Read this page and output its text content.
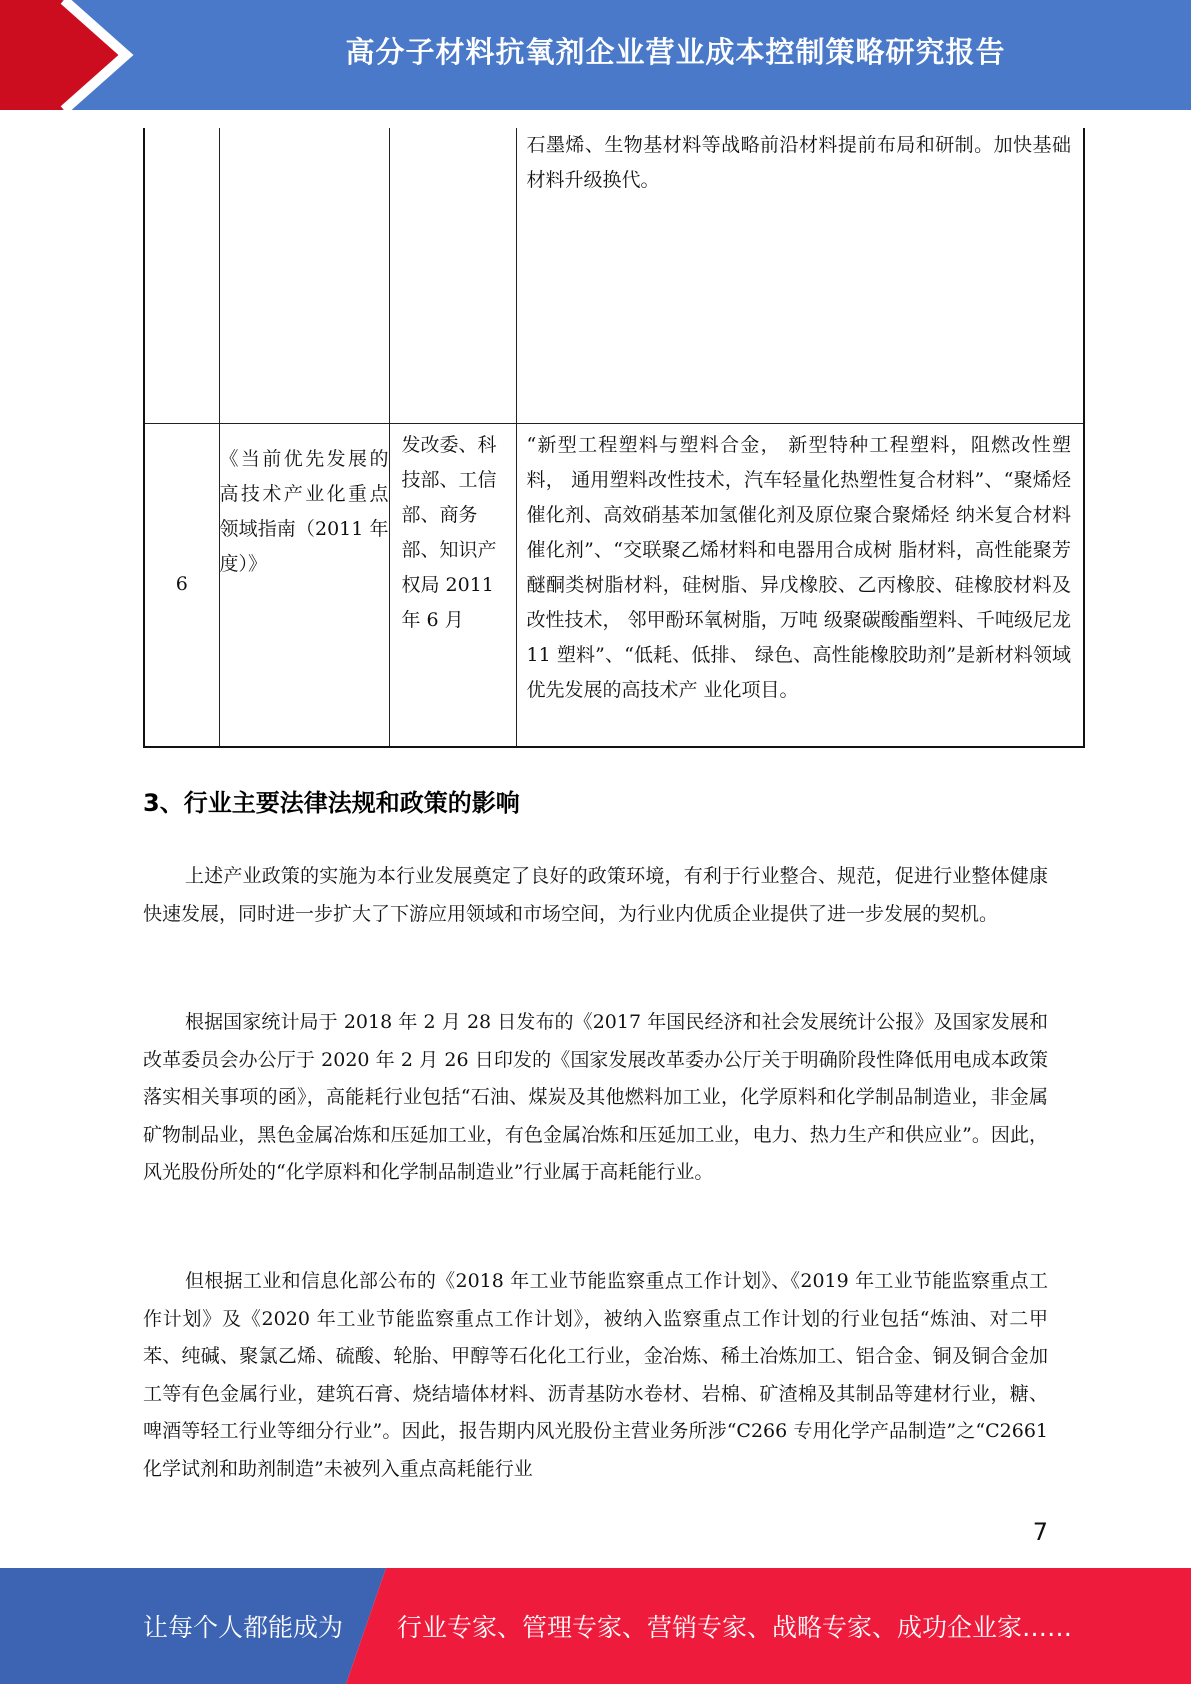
高分子材料抗氧剂企业营业成本控制策略研究报告

			石墨烯、生物基材料等战略前沿材料提前布局和研制。加快基础材料升级换代。

6	《当前优先发展的高技术产业化重点领域指南（2011 年度）》	发改委、科技部、工信部、商务部、知识产权局 2011 年 6 月	“新型工程塑料与塑料合金， 新型特种工程塑料，阻燃改性塑料， 通用塑料改性技术，汽车轻量化热塑性复合材料”、“聚烯烃催化剂、高效硝基苯加氢催化剂及原位聚合聚烯烃 纳米复合材料催化剂”、“交联聚乙烯材料和电器用合成树 脂材料，高性能聚芳醚酮类树脂材料，硅树脂、异戊橡胶、乙丙橡胶、硅橡胶材料及改性技术， 邻甲酚环氧树脂，万吨 级聚碳酸酯塑料、千吨级尼龙 11 塑料”、“低耗、低排、 绿色、高性能橡胶助剂”是新材料领域优先发展的高技术产 业化项目。
3、行业主要法律法规和政策的影响

上述产业政策的实施为本行业发展奠定了良好的政策环境，有利于行业整合、规范，促进行业整体健康快速发展，同时进一步扩大了下游应用领域和市场空间，为行业内优质企业提供了进一步发展的契机。

根据国家统计局于 2018 年 2 月 28 日发布的《2017 年国民经济和社会发展统计公报》及国家发展和改革委员会办公厅于 2020 年 2 月 26 日印发的《国家发展改革委办公厅关于明确阶段性降低用电成本政策落实相关事项的函》，高能耗行业包括“石油、煤炭及其他燃料加工业，化学原料和化学制品制造业，非金属矿物制品业，黑色金属冶炼和压延加工业，有色金属冶炼和压延加工业，电力、热力生产和供应业”。因此，风光股份所处的“化学原料和化学制品制造业”行业属于高耗能行业。

但根据工业和信息化部公布的《2018 年工业节能监察重点工作计划》、《2019 年工业节能监察重点工作计划》及《2020 年工业节能监察重点工作计划》，被纳入监察重点工作计划的行业包括“炼油、对二甲苯、纯碱、聚氯乙烯、硫酸、轮胎、甲醇等石化化工行业，金冶炼、稀土冶炼加工、铝合金、铜及铜合金加工等有色金属行业，建筑石膏、烧结墙体材料、沥青基防水卷材、岩棉、矿渣棉及其制品等建材行业，糖、啤酒等轻工行业等细分行业”。因此，报告期内风光股份主营业务所涉“C266 专用化学产品制造”之“C2661 化学试剂和助剂制造”未被列入重点高耗能行业

7
让每个人都能成为 行业专家、管理专家、营销专家、战略专家、成功企业家……
